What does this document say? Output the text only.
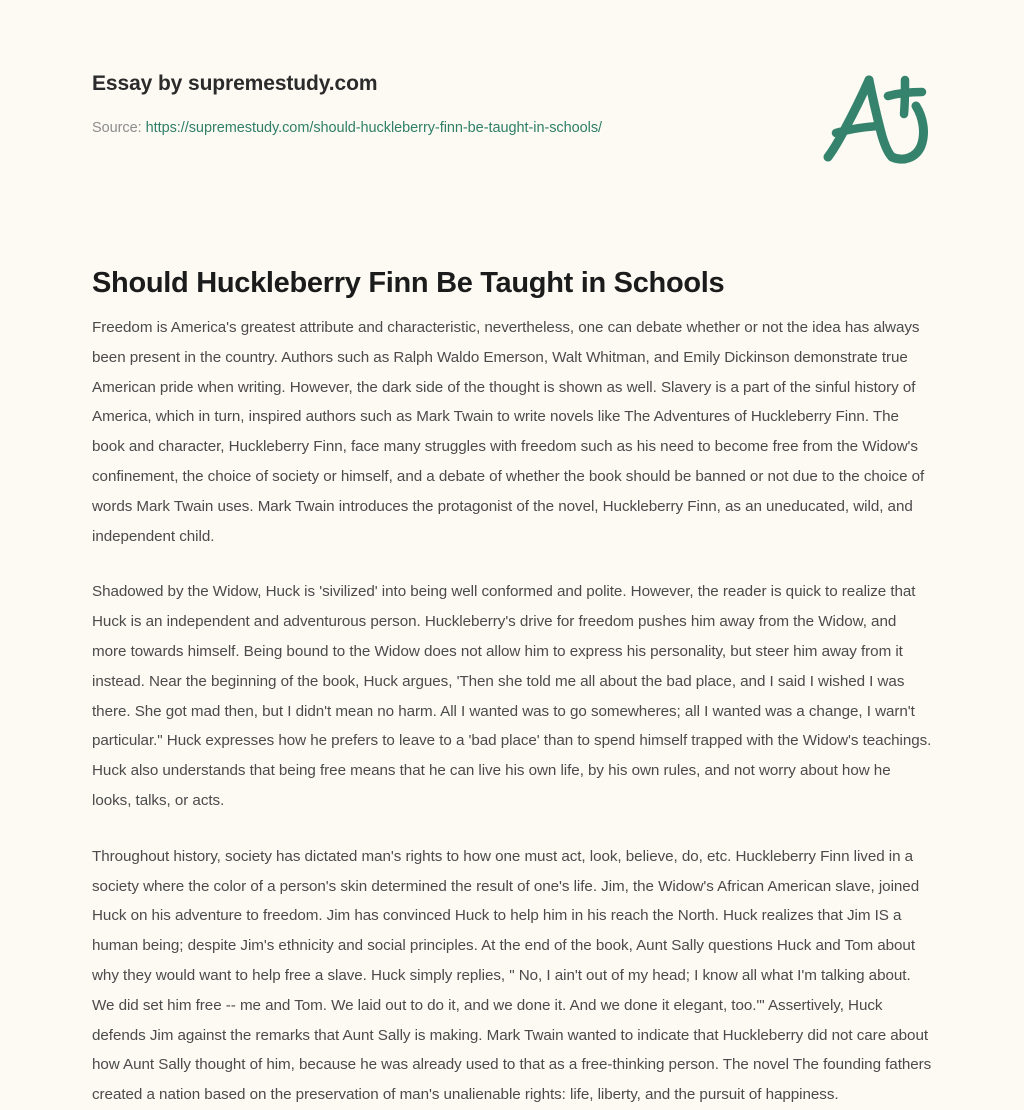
Essay by supremestudy.com
Source: https://supremestudy.com/should-huckleberry-finn-be-taught-in-schools/
Should Huckleberry Finn Be Taught in Schools

Freedom is America's greatest attribute and characteristic, nevertheless, one can debate whether or not the idea has always been present in the country. Authors such as Ralph Waldo Emerson, Walt Whitman, and Emily Dickinson demonstrate true American pride when writing. However, the dark side of the thought is shown as well. Slavery is a part of the sinful history of America, which in turn, inspired authors such as Mark Twain to write novels like The Adventures of Huckleberry Finn. The book and character, Huckleberry Finn, face many struggles with freedom such as his need to become free from the Widow's confinement, the choice of society or himself, and a debate of whether the book should be banned or not due to the choice of words Mark Twain uses. Mark Twain introduces the protagonist of the novel, Huckleberry Finn, as an uneducated, wild, and independent child.

Shadowed by the Widow, Huck is 'sivilized' into being well conformed and polite. However, the reader is quick to realize that Huck is an independent and adventurous person. Huckleberry's drive for freedom pushes him away from the Widow, and more towards himself. Being bound to the Widow does not allow him to express his personality, but steer him away from it instead. Near the beginning of the book, Huck argues, 'Then she told me all about the bad place, and I said I wished I was there. She got mad then, but I didn't mean no harm. All I wanted was to go somewheres; all I wanted was a change, I warn't particular." Huck expresses how he prefers to leave to a 'bad place' than to spend himself trapped with the Widow's teachings. Huck also understands that being free means that he can live his own life, by his own rules, and not worry about how he looks, talks, or acts.

Throughout history, society has dictated man's rights to how one must act, look, believe, do, etc. Huckleberry Finn lived in a society where the color of a person's skin determined the result of one's life. Jim, the Widow's African American slave, joined Huck on his adventure to freedom. Jim has convinced Huck to help him in his reach the North. Huck realizes that Jim IS a human being; despite Jim's ethnicity and social principles. At the end of the book, Aunt Sally questions Huck and Tom about why they would want to help free a slave. Huck simply replies, " No, I ain't out of my head; I know all what I'm talking about. We did set him free -- me and Tom. We laid out to do it, and we done it. And we done it elegant, too.'" Assertively, Huck defends Jim against the remarks that Aunt Sally is making. Mark Twain wanted to indicate that Huckleberry did not care about how Aunt Sally thought of him, because he was already used to that as a free-thinking person. The novel The founding fathers created a nation based on the preservation of man's unalienable rights: life, liberty, and the pursuit of happiness.
